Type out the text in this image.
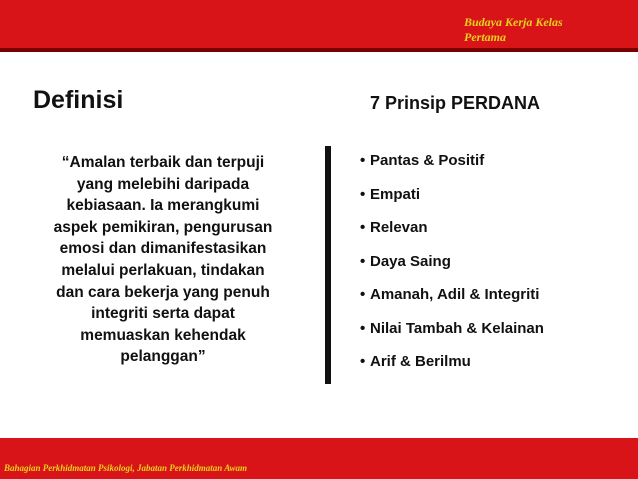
Budaya Kerja Kelas
Pertama
Definisi	7 Prinsip PERDANA
“Amalan terbaik dan terpuji
yang melebihi daripada
kebiasaan. Ia merangkumi
aspek pemikiran, pengurusan
emosi dan dimanifestasikan
melalui perlakuan, tindakan
dan cara bekerja yang penuh
integriti serta dapat
memuaskan kehendak
pelanggan”
• Pantas & Positif
• Empati
• Relevan
• Daya Saing
• Amanah, Adil & Integriti
• Nilai Tambah & Kelainan
• Arif & Berilmu
Bahagian Perkhidmatan Psikologi, Jabatan Perkhidmatan Awam
